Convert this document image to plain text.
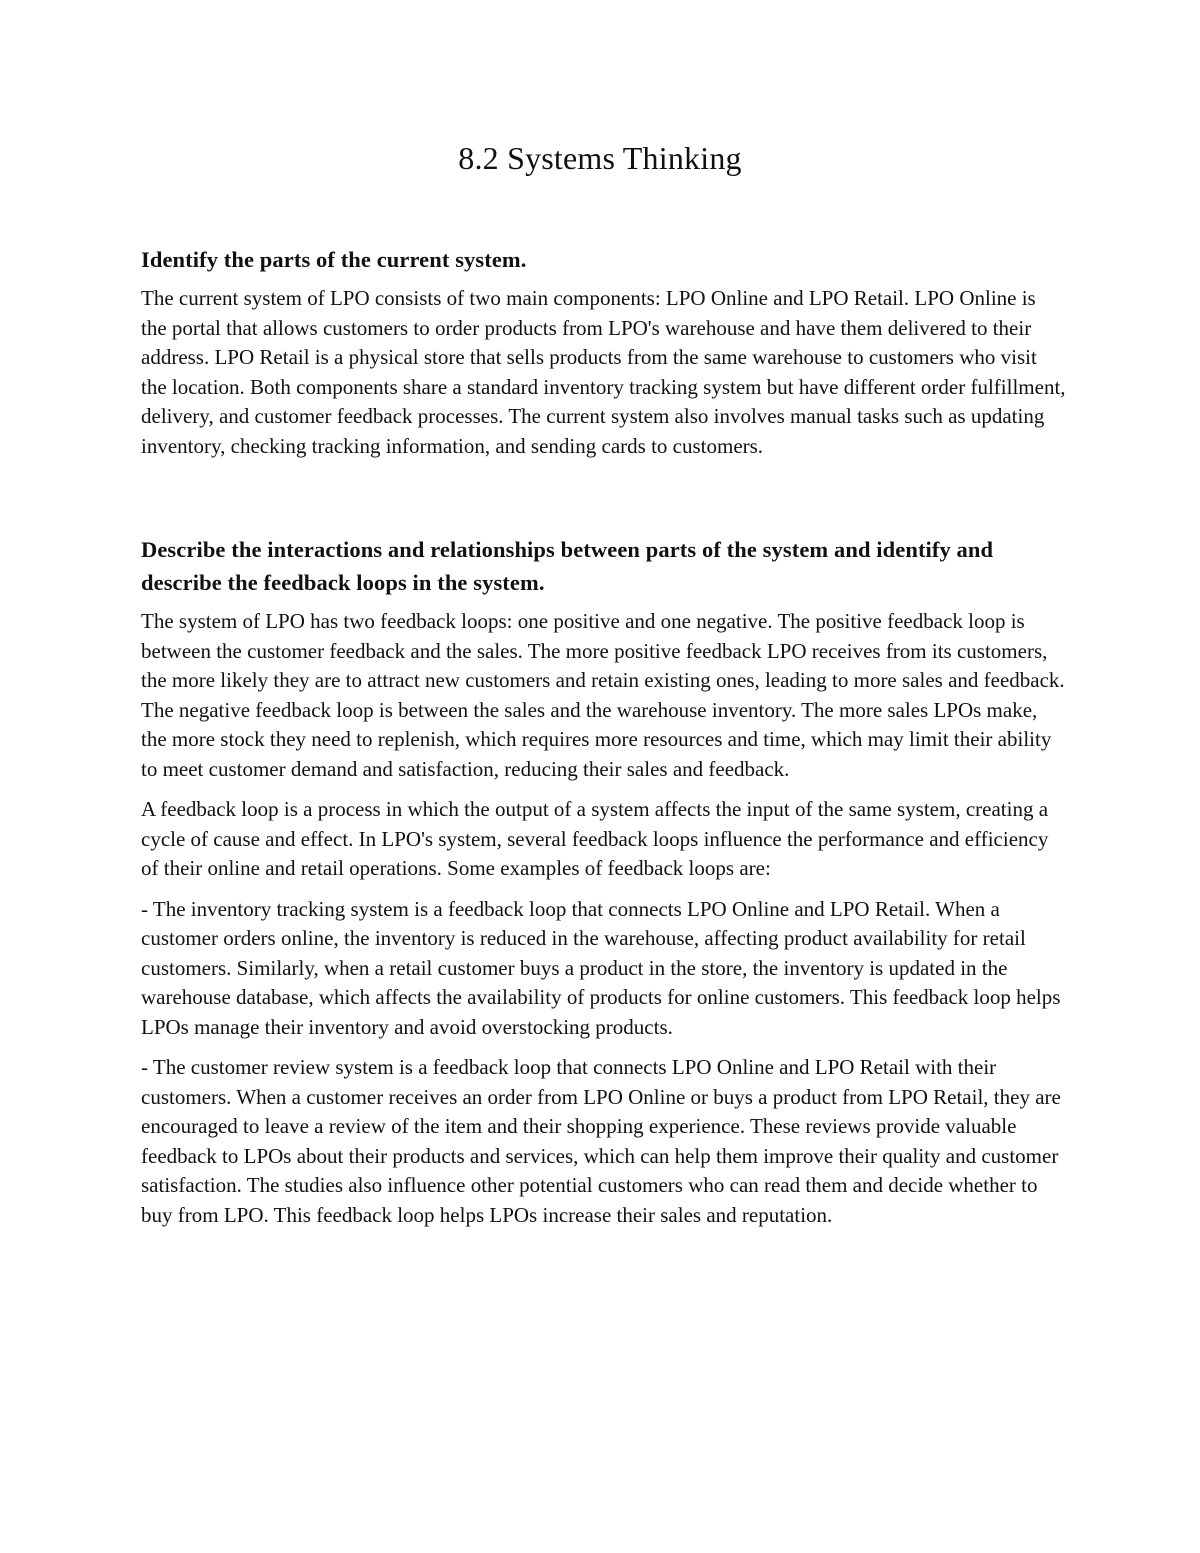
8.2 Systems Thinking
Identify the parts of the current system.

The current system of LPO consists of two main components: LPO Online and LPO Retail. LPO Online is the portal that allows customers to order products from LPO's warehouse and have them delivered to their address. LPO Retail is a physical store that sells products from the same warehouse to customers who visit the location. Both components share a standard inventory tracking system but have different order fulfillment, delivery, and customer feedback processes. The current system also involves manual tasks such as updating inventory, checking tracking information, and sending cards to customers.

Describe the interactions and relationships between parts of the system and identify and describe the feedback loops in the system.

The system of LPO has two feedback loops: one positive and one negative. The positive feedback loop is between the customer feedback and the sales. The more positive feedback LPO receives from its customers, the more likely they are to attract new customers and retain existing ones, leading to more sales and feedback. The negative feedback loop is between the sales and the warehouse inventory. The more sales LPOs make, the more stock they need to replenish, which requires more resources and time, which may limit their ability to meet customer demand and satisfaction, reducing their sales and feedback.

A feedback loop is a process in which the output of a system affects the input of the same system, creating a cycle of cause and effect. In LPO's system, several feedback loops influence the performance and efficiency of their online and retail operations. Some examples of feedback loops are:

- The inventory tracking system is a feedback loop that connects LPO Online and LPO Retail. When a customer orders online, the inventory is reduced in the warehouse, affecting product availability for retail customers. Similarly, when a retail customer buys a product in the store, the inventory is updated in the warehouse database, which affects the availability of products for online customers. This feedback loop helps LPOs manage their inventory and avoid overstocking products.

- The customer review system is a feedback loop that connects LPO Online and LPO Retail with their customers. When a customer receives an order from LPO Online or buys a product from LPO Retail, they are encouraged to leave a review of the item and their shopping experience. These reviews provide valuable feedback to LPOs about their products and services, which can help them improve their quality and customer satisfaction. The studies also influence other potential customers who can read them and decide whether to buy from LPO. This feedback loop helps LPOs increase their sales and reputation.
